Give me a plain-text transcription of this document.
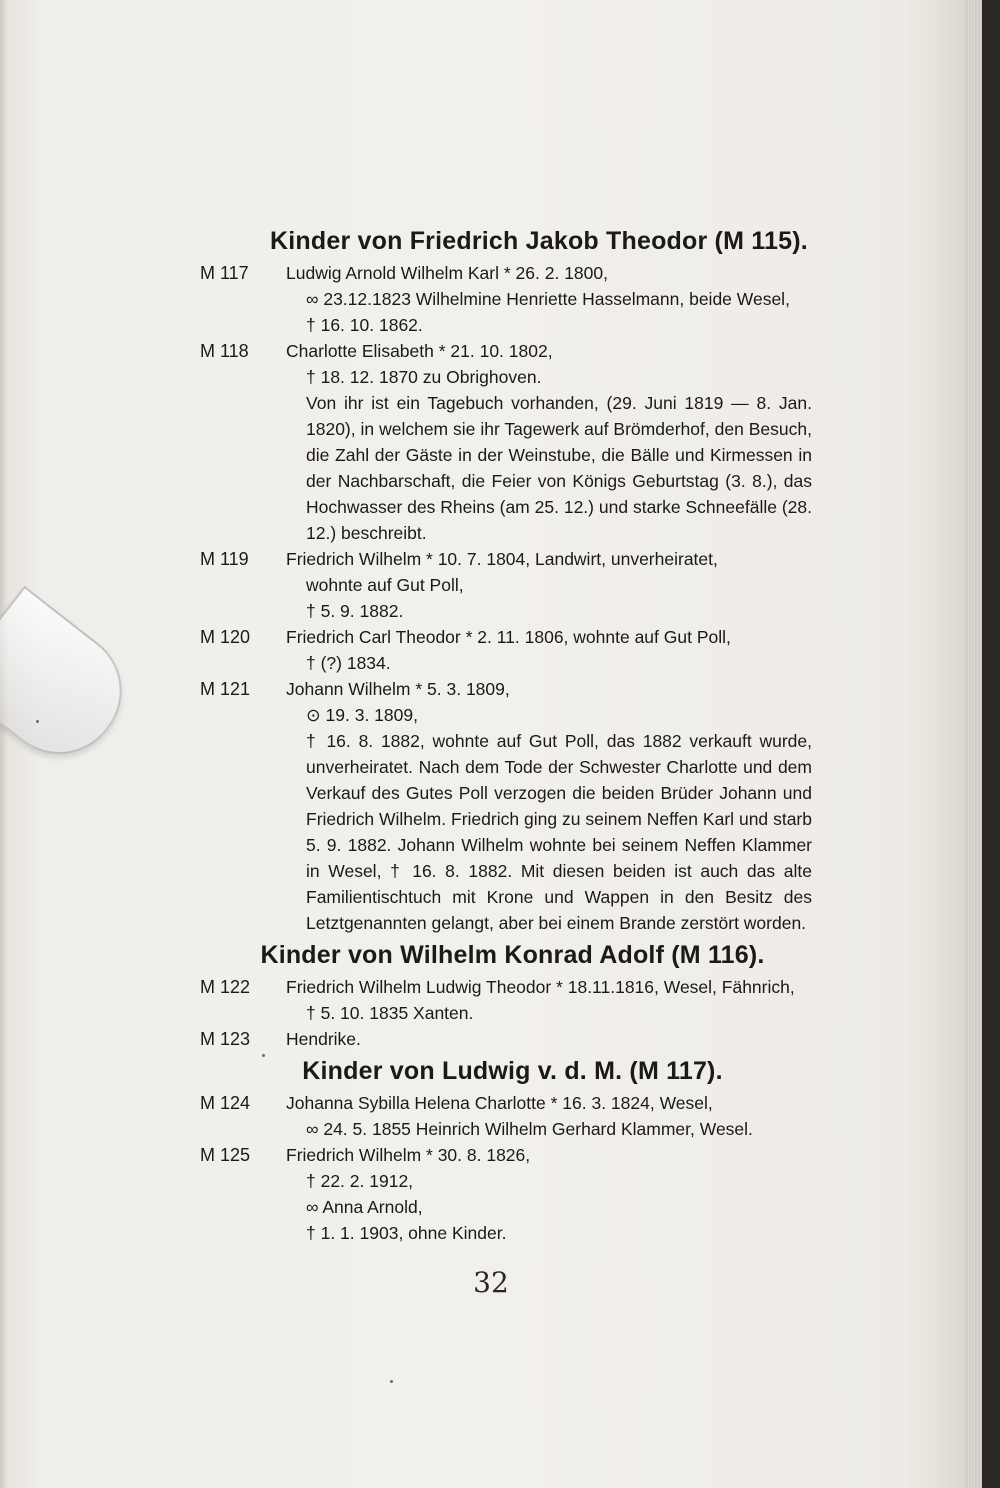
Kinder von Friedrich Jakob Theodor (M 115).
M 117	Ludwig Arnold Wilhelm Karl * 26. 2. 1800,

∞ 23.12.1823 Wilhelmine Henriette Hasselmann, beide Wesel,

† 16. 10. 1862.

M 118	Charlotte Elisabeth * 21. 10. 1802,

† 18. 12. 1870 zu Obrighoven.

Von ihr ist ein Tagebuch vorhanden, (29. Juni 1819 — 8. Jan. 1820), in welchem sie ihr Tagewerk auf Brömderhof, den Besuch, die Zahl der Gäste in der Weinstube, die Bälle und Kirmessen in der Nachbarschaft, die Feier von Königs Geburtstag (3. 8.), das Hochwasser des Rheins (am 25. 12.) und starke Schneefälle (28. 12.) beschreibt.

M 119	Friedrich Wilhelm * 10. 7. 1804, Landwirt, unverheiratet,

wohnte auf Gut Poll,

† 5. 9. 1882.

M 120	Friedrich Carl Theodor * 2. 11. 1806, wohnte auf Gut Poll,

† (?) 1834.

M 121	Johann Wilhelm * 5. 3. 1809,

⊙ 19. 3. 1809,

† 16. 8. 1882, wohnte auf Gut Poll, das 1882 verkauft wurde, unverheiratet. Nach dem Tode der Schwester Charlotte und dem Verkauf des Gutes Poll verzogen die beiden Brüder Johann und Friedrich Wilhelm. Friedrich ging zu seinem Neffen Karl und starb 5. 9. 1882. Johann Wilhelm wohnte bei seinem Neffen Klammer in Wesel, † 16. 8. 1882. Mit diesen beiden ist auch das alte Familientischtuch mit Krone und Wappen in den Besitz des Letztgenannten gelangt, aber bei einem Brande zerstört worden.

Kinder von Wilhelm Konrad Adolf (M 116).
M 122	Friedrich Wilhelm Ludwig Theodor * 18.11.1816, Wesel, Fähnrich,

† 5. 10. 1835 Xanten.

M 123	Hendrike.

Kinder von Ludwig v. d. M. (M 117).
M 124	Johanna Sybilla Helena Charlotte * 16. 3. 1824, Wesel,

∞ 24. 5. 1855 Heinrich Wilhelm Gerhard Klammer, Wesel.

M 125	Friedrich Wilhelm * 30. 8. 1826,

† 22. 2. 1912,

∞ Anna Arnold,

† 1. 1. 1903, ohne Kinder.

32
